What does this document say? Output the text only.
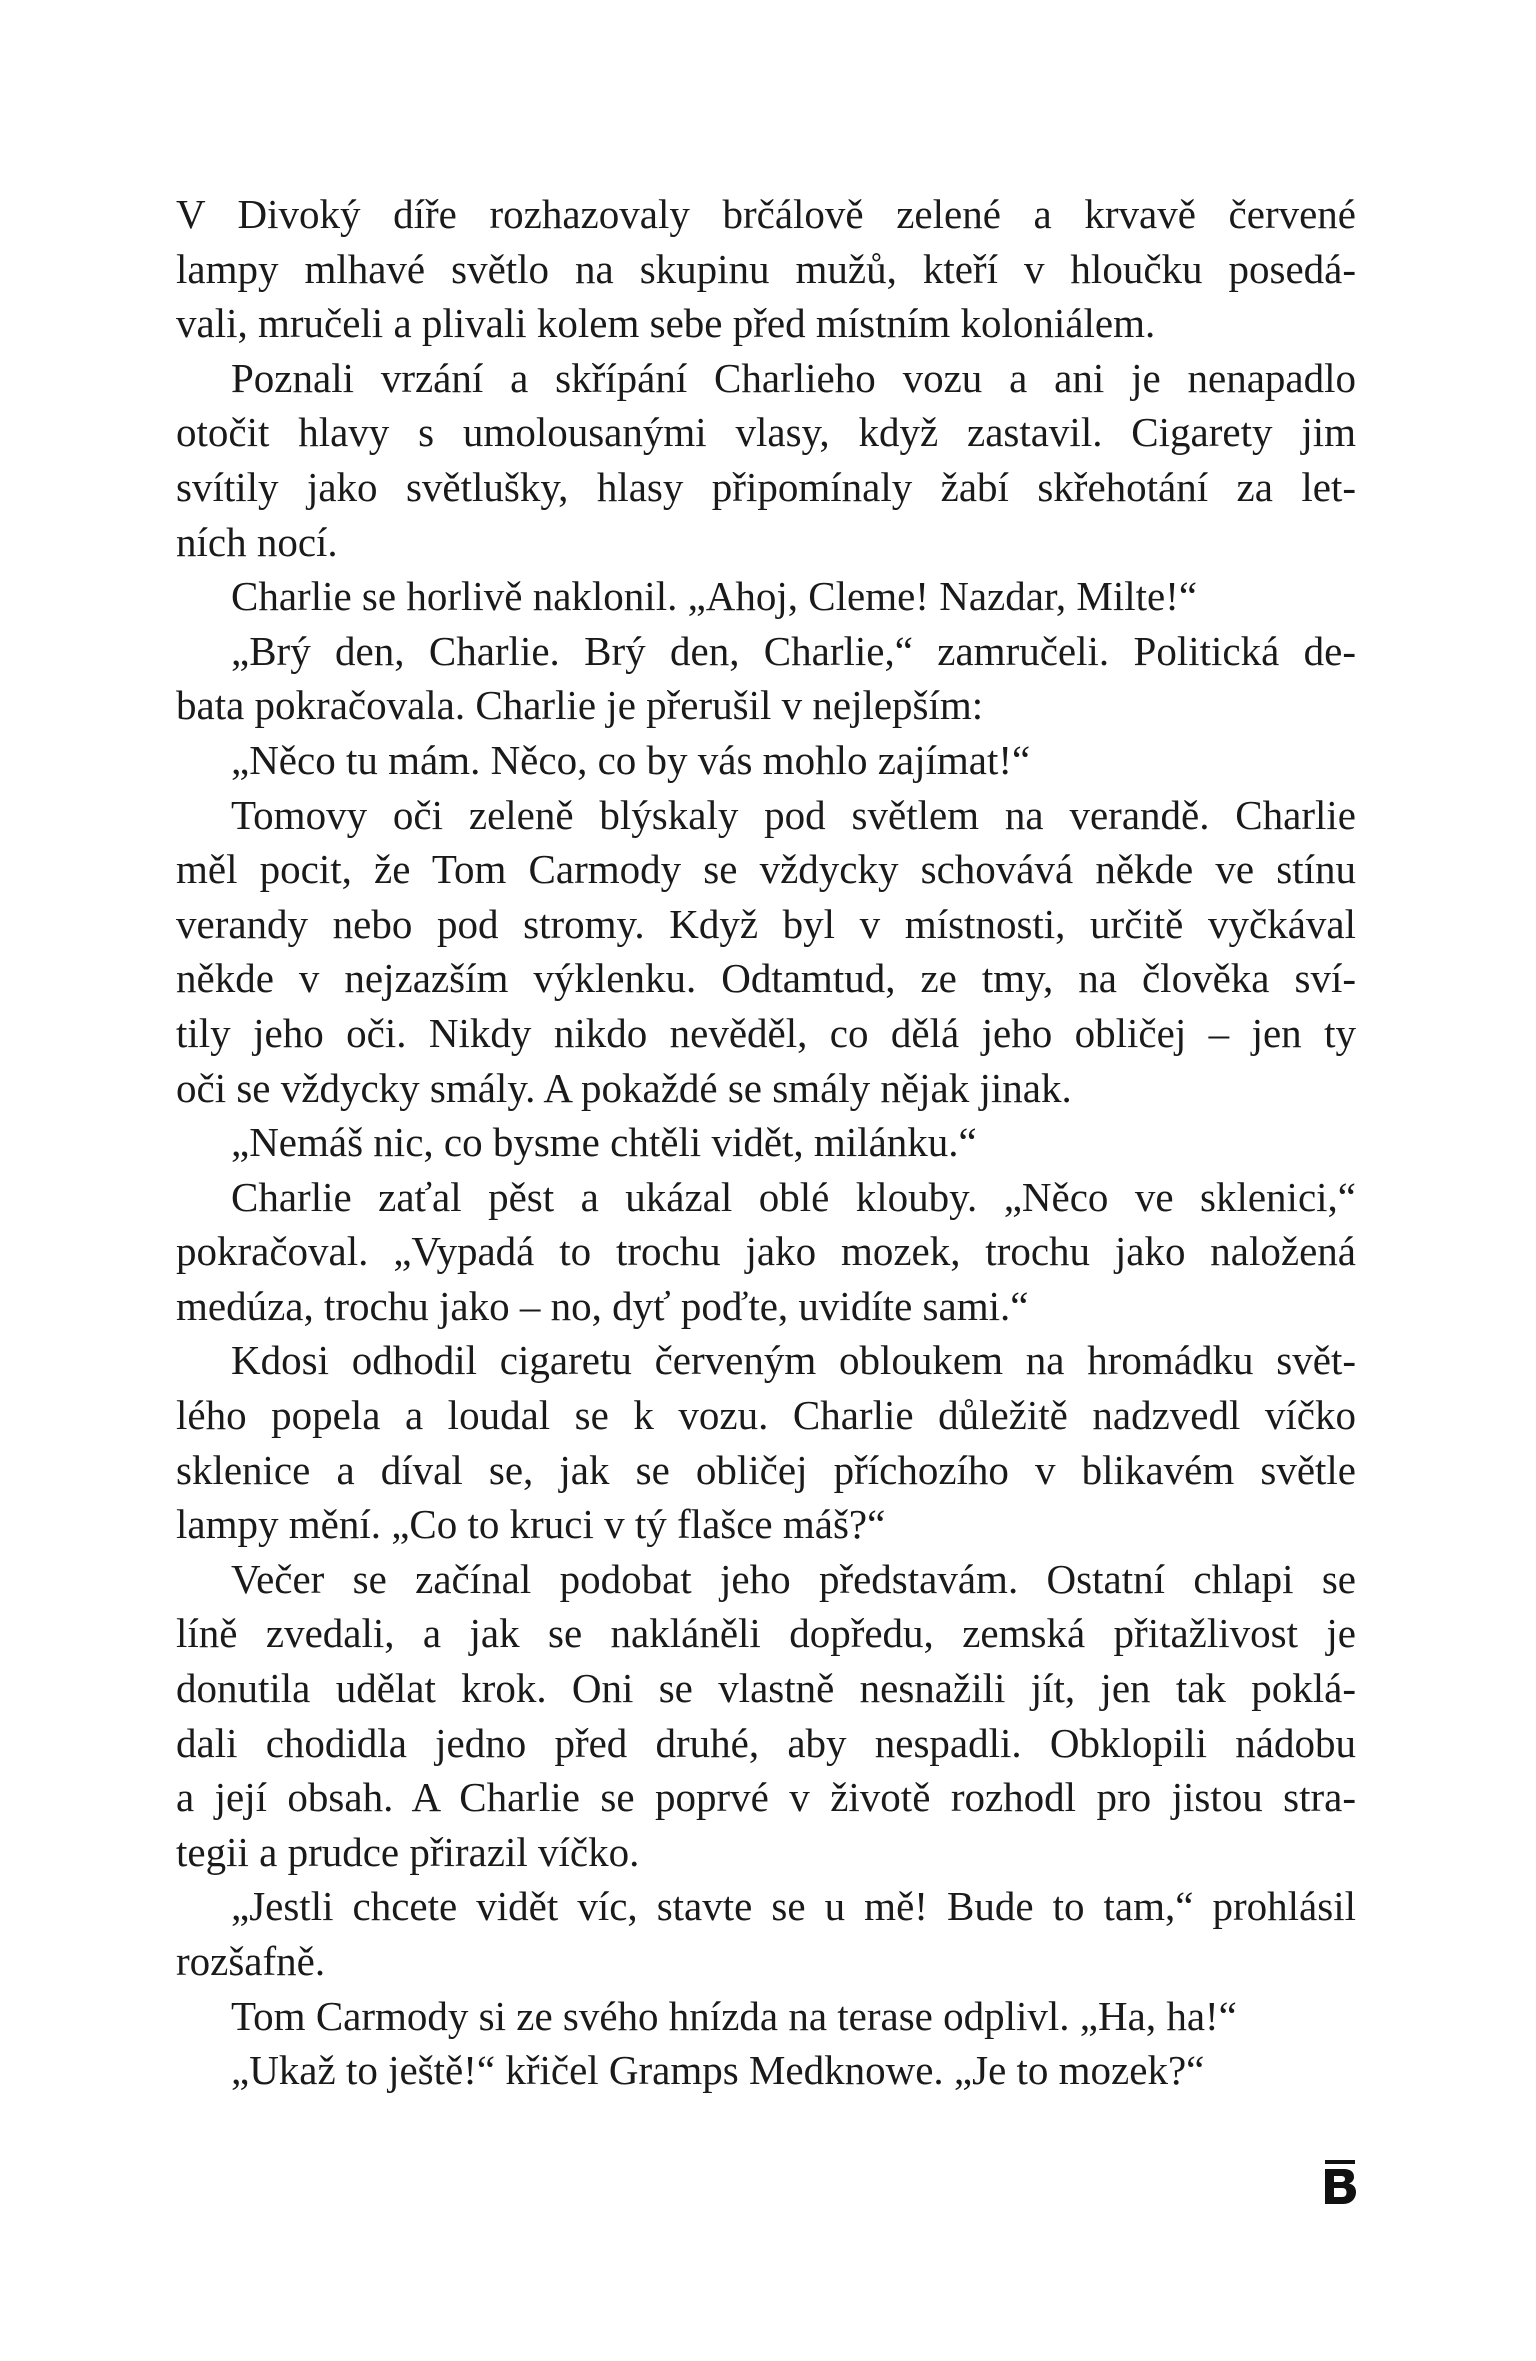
V Divoký díře rozhazovaly brčálově zelené a krvavě červené
lampy mlhavé světlo na skupinu mužů, kteří v hloučku posedá-
vali, mručeli a plivali kolem sebe před místním koloniálem.
Poznali vrzání a skřípání Charlieho vozu a ani je nenapadlo
otočit hlavy s umolousanými vlasy, když zastavil. Cigarety jim
svítily jako světlušky, hlasy připomínaly žabí skřehotání za let-
ních nocí.
Charlie se horlivě naklonil. „Ahoj, Cleme! Nazdar, Milte!“
„Brý den, Charlie. Brý den, Charlie,“ zamručeli. Politická de-
bata pokračovala. Charlie je přerušil v nejlepším:
„Něco tu mám. Něco, co by vás mohlo zajímat!“
Tomovy oči zeleně blýskaly pod světlem na verandě. Charlie
měl pocit, že Tom Carmody se vždycky schovává někde ve stínu
verandy nebo pod stromy. Když byl v místnosti, určitě vyčkával
někde v nejzazším výklenku. Odtamtud, ze tmy, na člověka sví-
tily jeho oči. Nikdy nikdo nevěděl, co dělá jeho obličej – jen ty
oči se vždycky smály. A pokaždé se smály nějak jinak.
„Nemáš nic, co bysme chtěli vidět, milánku.“
Charlie zaťal pěst a ukázal oblé klouby. „Něco ve sklenici,“
pokračoval. „Vypadá to trochu jako mozek, trochu jako naložená
medúza, trochu jako – no, dyť poďte, uvidíte sami.“
Kdosi odhodil cigaretu červeným obloukem na hromádku svět-
lého popela a loudal se k vozu. Charlie důležitě nadzvedl víčko
sklenice a díval se, jak se obličej příchozího v blikavém světle
lampy mění. „Co to kruci v tý flašce máš?“
Večer se začínal podobat jeho představám. Ostatní chlapi se
líně zvedali, a jak se nakláněli dopředu, zemská přitažlivost je
donutila udělat krok. Oni se vlastně nesnažili jít, jen tak poklá-
dali chodidla jedno před druhé, aby nespadli. Obklopili nádobu
a její obsah. A Charlie se poprvé v životě rozhodl pro jistou stra-
tegii a prudce přirazil víčko.
„Jestli chcete vidět víc, stavte se u mě! Bude to tam,“ prohlásil
rozšafně.
Tom Carmody si ze svého hnízda na terase odplivl. „Ha, ha!“
„Ukaž to ještě!“ křičel Gramps Medknowe. „Je to mozek?“
